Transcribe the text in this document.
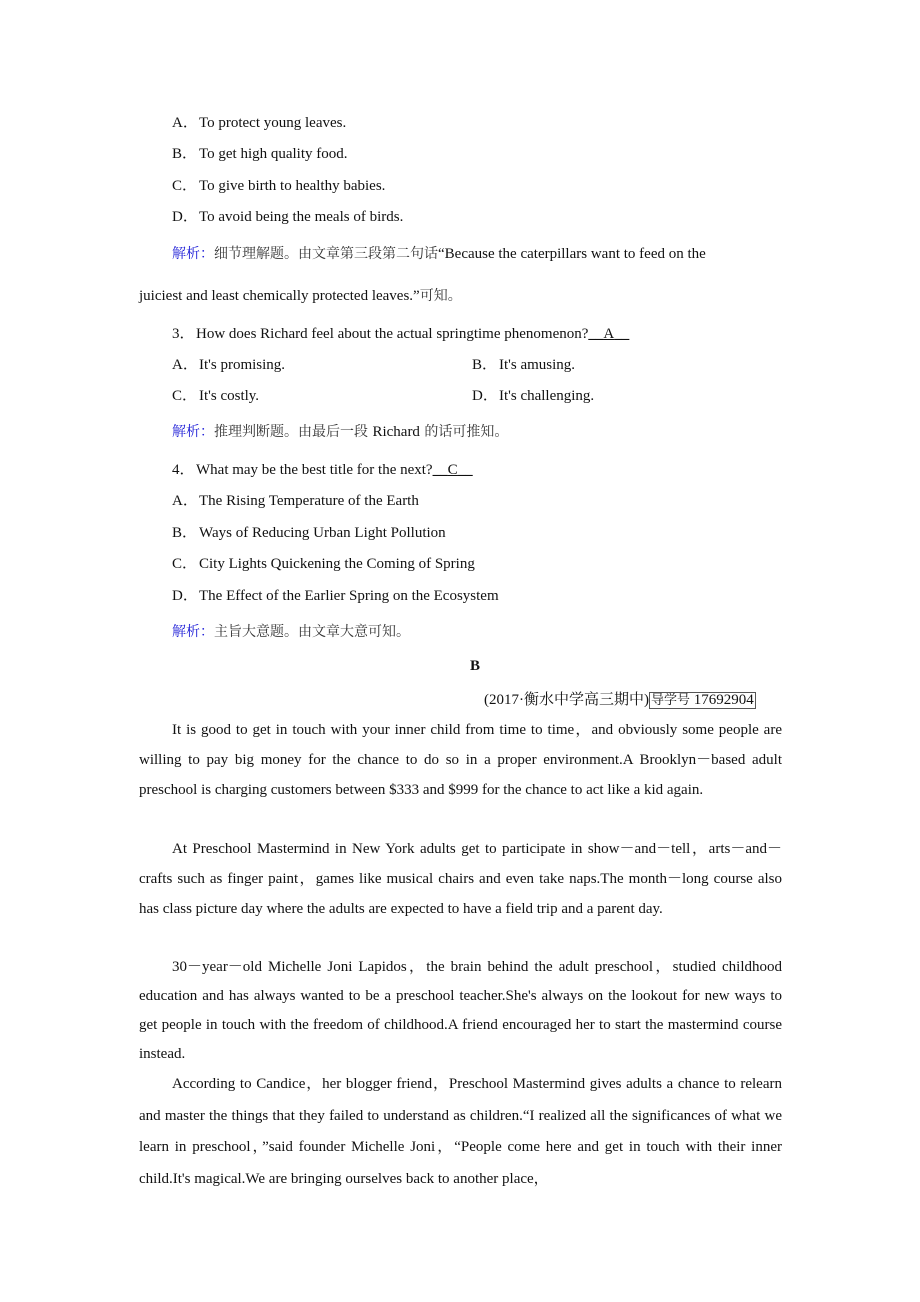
A．To protect young leaves.
B． To get high quality food.
C． To give birth to healthy babies.
D．To avoid being the meals of birds.
解析：细节理解题。由文章第三段第二句话“Because the caterpillars want to feed on the
juiciest and least chemically protected leaves.”可知。
3．How does Richard feel about the actual springtime phenomenon?__A__
A．It's promising.	B． It's amusing.
C． It's costly.	D．It's challenging.
解析：推理判断题。由最后一段 Richard 的话可推知。
4．What may be the best title for the next?__C__
A．The Rising Temperature of the Earth
B． Ways of Reducing Urban Light Pollution
C． City Lights Quickening the Coming of Spring
D．The Effect of the Earlier Spring on the Ecosystem
解析：主旨大意题。由文章大意可知。
B
(2017·衡水中学高三期中) 导学号 17692904
It is good to get in touch with your inner child from time to time，and obviously some people are willing to pay big money for the chance to do so in a proper environment.A Brooklyn－based adult preschool is charging customers between $333 and $999 for the chance to act like a kid again.
At Preschool Mastermind in New York adults get to participate in show－and－tell，arts－and－crafts such as finger paint，games like musical chairs and even take naps.The month－long course also has class picture day where the adults are expected to have a field trip and a parent day.
30－year－old Michelle Joni Lapidos，the brain behind the adult preschool，studied childhood education and has always wanted to be a preschool teacher.She's always on the lookout for new ways to get people in touch with the freedom of childhood.A friend encouraged her to start the mastermind course instead.
According to Candice，her blogger friend，Preschool Mastermind gives adults a chance to relearn and master the things that they failed to understand as children.“I realized all the significances of what we learn in preschool，”said founder Michelle Joni，“People come here and get in touch with their inner child.It's magical.We are bringing ourselves back to another place，
